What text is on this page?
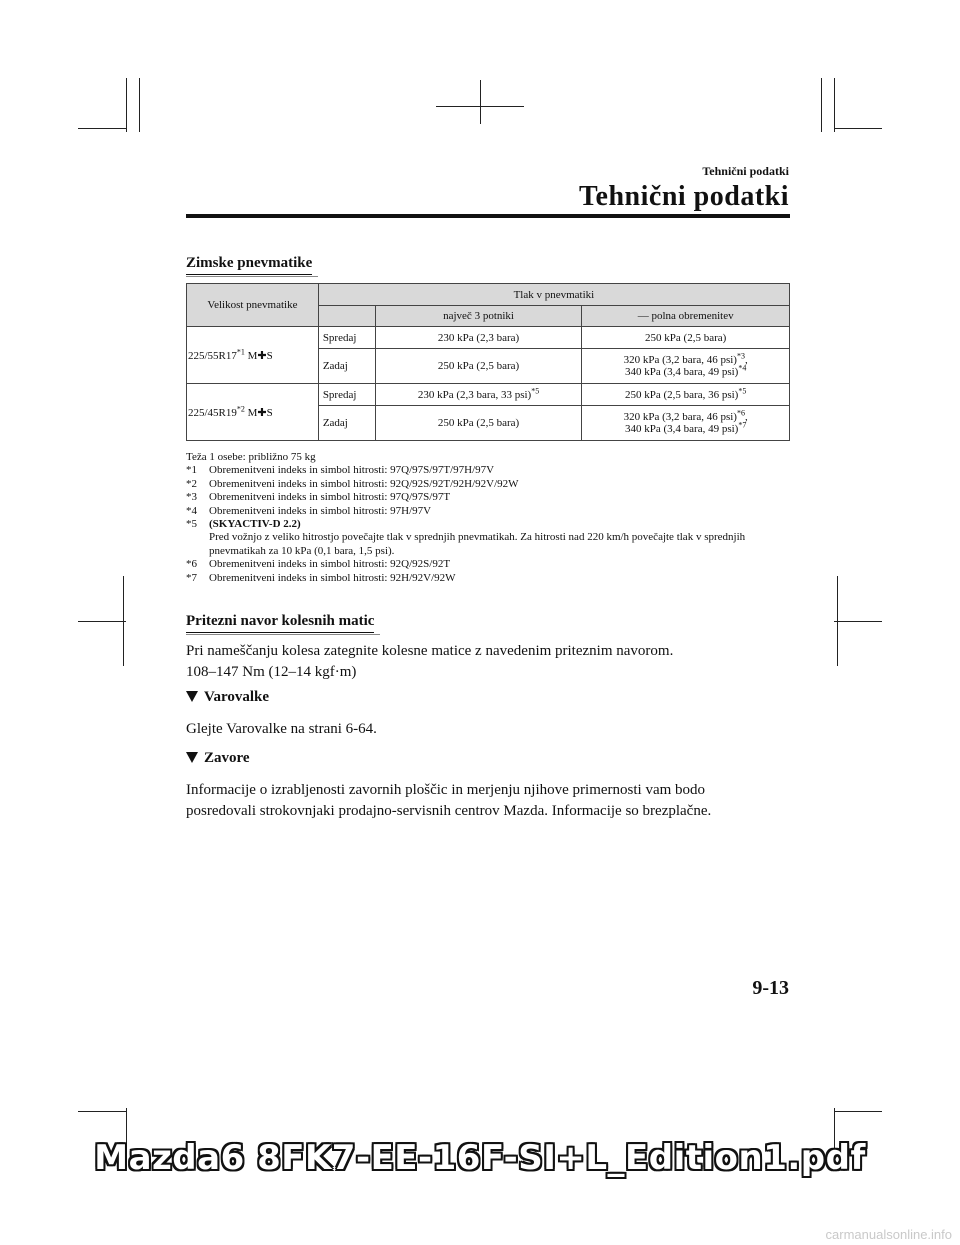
Tehnični podatki
Tehnični podatki
Zimske pnevmatike
Velikost pnevmatike	Tlak v pnevmatiki		
		največ 3 potniki	— polna obremenitev
225/55R17$^{*1}$ M✚S	Spredaj	230 kPa (2,3 bara)	250 kPa (2,5 bara)
	Zadaj	250 kPa (2,5 bara)	320 kPa (3,2 bara, 46 psi)$^{*3}$,
340 kPa (3,4 bara, 49 psi)$^{*4}$
225/45R19$^{*2}$ M✚S	Spredaj	230 kPa (2,3 bara, 33 psi)$^{*5}$	250 kPa (2,5 bara, 36 psi)$^{*5}$
	Zadaj	250 kPa (2,5 bara)	320 kPa (3,2 bara, 46 psi)$^{*6}$,
340 kPa (3,4 bara, 49 psi)$^{*7}$
Teža 1 osebe: približno 75 kg
*1 Obremenitveni indeks in simbol hitrosti: 97Q/97S/97T/97H/97V
*2 Obremenitveni indeks in simbol hitrosti: 92Q/92S/92T/92H/92V/92W
*3 Obremenitveni indeks in simbol hitrosti: 97Q/97S/97T
*4 Obremenitveni indeks in simbol hitrosti: 97H/97V
*5 (SKYACTIV-D 2.2)
Pred vožnjo z veliko hitrostjo povečajte tlak v sprednjih pnevmatikah. Za hitrosti nad 220 km/h povečajte tlak v sprednjih pnevmatikah za 10 kPa (0,1 bara, 1,5 psi).
*6 Obremenitveni indeks in simbol hitrosti: 92Q/92S/92T
*7 Obremenitveni indeks in simbol hitrosti: 92H/92V/92W
Pritezni navor kolesnih matic
Pri nameščanju kolesa zategnite kolesne matice z navedenim priteznim navorom.
108–147 Nm (12–14 kgf·m)
Varovalke
Glejte Varovalke na strani 6-64.
Zavore
Informacije o izrabljenosti zavornih ploščic in merjenju njihove primernosti vam bodo
posredovali strokovnjaki prodajno-servisnih centrov Mazda. Informacije so brezplačne.
9-13
Mazda6 8FK7-EE-16F-SI+L_Edition1.pdf
carmanualsonline.info
